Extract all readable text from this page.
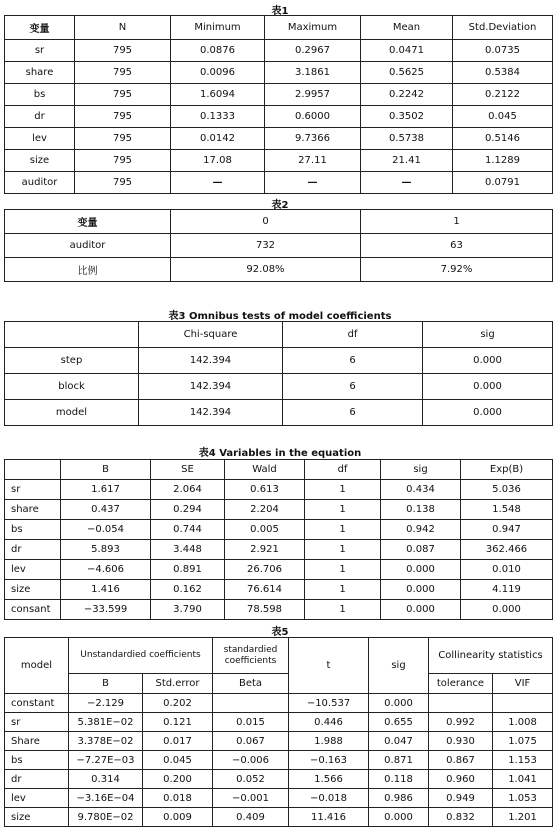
表1
变量	N	Minimum	Maximum	Mean	Std.Deviation
sr	795	0.0876	0.2967	0.0471	0.0735
share	795	0.0096	3.1861	0.5625	0.5384
bs	795	1.6094	2.9957	0.2242	0.2122
dr	795	0.1333	0.6000	0.3502	0.045
lev	795	0.0142	9.7366	0.5738	0.5146
size	795	17.08	27.11	21.41	1.1289
auditor	795	—	—	—	0.0791
表2
变量	0	1
auditor	732	63
比例	92.08%	7.92%
表3 Omnibus tests of model coefficients
	Chi-square	df	sig
step	142.394	6	0.000
block	142.394	6	0.000
model	142.394	6	0.000
表4 Variables in the equation
	B	SE	Wald	df	sig	Exp(B)
sr	1.617	2.064	0.613	1	0.434	5.036
share	0.437	0.294	2.204	1	0.138	1.548
bs	−0.054	0.744	0.005	1	0.942	0.947
dr	5.893	3.448	2.921	1	0.087	362.466
lev	−4.606	0.891	26.706	1	0.000	0.010
size	1.416	0.162	76.614	1	0.000	4.119
consant	−33.599	3.790	78.598	1	0.000	0.000
表5
model	Unstandardied coefficients		standardied coefficients	t	sig	Collinearity statistics	
	B	Std.error	Beta			tolerance	VIF
constant	−2.129	0.202		−10.537	0.000		
sr	5.381E−02	0.121	0.015	0.446	0.655	0.992	1.008
Share	3.378E−02	0.017	0.067	1.988	0.047	0.930	1.075
bs	−7.27E−03	0.045	−0.006	−0.163	0.871	0.867	1.153
dr	0.314	0.200	0.052	1.566	0.118	0.960	1.041
lev	−3.16E−04	0.018	−0.001	−0.018	0.986	0.949	1.053
size	9.780E−02	0.009	0.409	11.416	0.000	0.832	1.201
